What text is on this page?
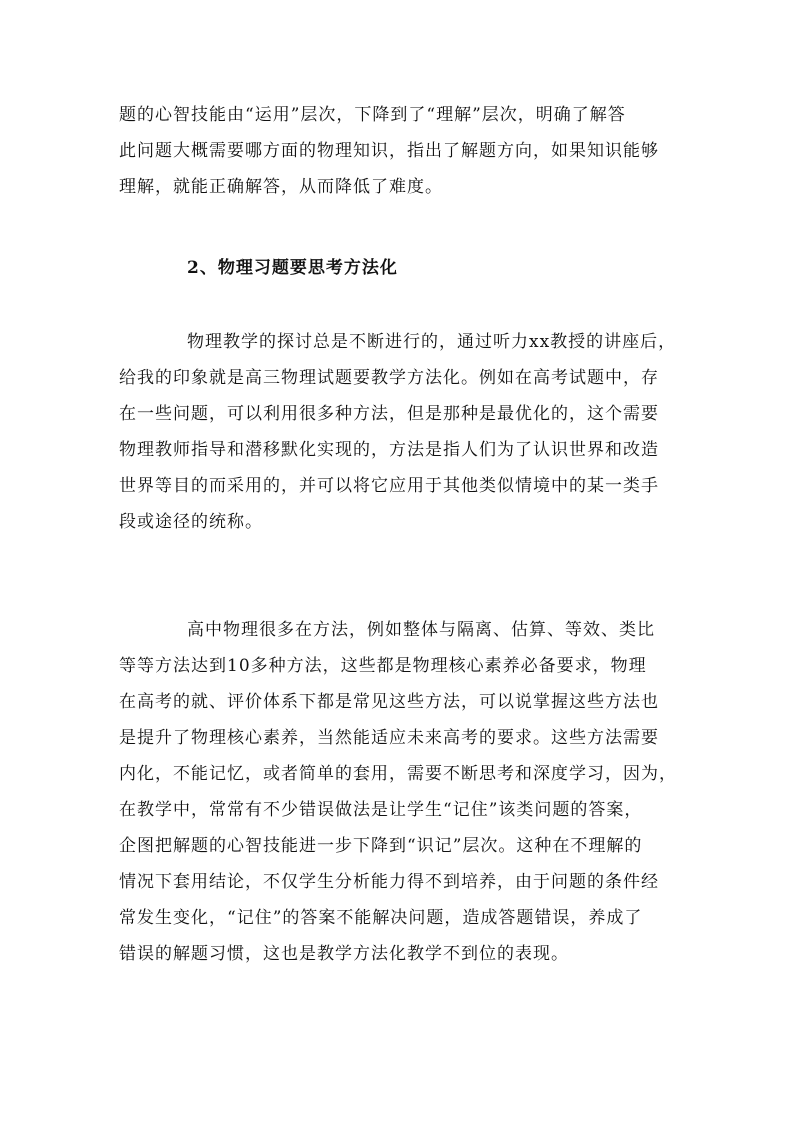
题的心智技能由“运用”层次，下降到了“理解”层次，明确了解答
此问题大概需要哪方面的物理知识，指出了解题方向，如果知识能够
理解，就能正确解答，从而降低了难度。
2、物理习题要思考方法化
物理教学的探讨总是不断进行的，通过听力xx教授的讲座后，
给我的印象就是高三物理试题要教学方法化。例如在高考试题中，存
在一些问题，可以利用很多种方法，但是那种是最优化的，这个需要
物理教师指导和潜移默化实现的，方法是指人们为了认识世界和改造
世界等目的而采用的，并可以将它应用于其他类似情境中的某一类手
段或途径的统称。
高中物理很多在方法，例如整体与隔离、估算、等效、类比
等等方法达到10多种方法，这些都是物理核心素养必备要求，物理
在高考的就、评价体系下都是常见这些方法，可以说掌握这些方法也
是提升了物理核心素养，当然能适应未来高考的要求。这些方法需要
内化，不能记忆，或者简单的套用，需要不断思考和深度学习，因为，
在教学中，常常有不少错误做法是让学生“记住”该类问题的答案，
企图把解题的心智技能进一步下降到“识记”层次。这种在不理解的
情况下套用结论，不仅学生分析能力得不到培养，由于问题的条件经
常发生变化，“记住”的答案不能解决问题，造成答题错误，养成了
错误的解题习惯，这也是教学方法化教学不到位的表现。
